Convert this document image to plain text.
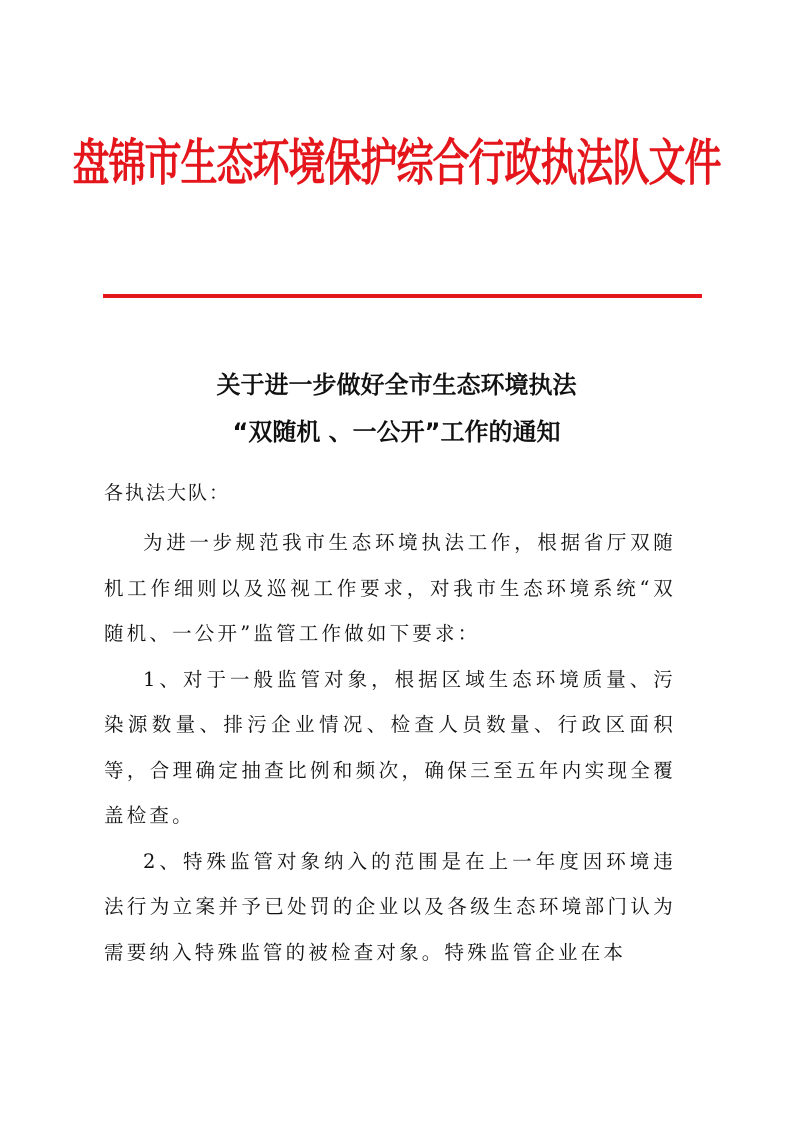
盘锦市生态环境保护综合行政执法队文件
关于进一步做好全市生态环境执法
“双随机 、一公开”工作的通知
各执法大队：

为进一步规范我市生态环境执法工作，根据省厅双随机工作细则以及巡视工作要求，对我市生态环境系统“双随机、一公开”监管工作做如下要求：

1、对于一般监管对象，根据区域生态环境质量、污染源数量、排污企业情况、检查人员数量、行政区面积等，合理确定抽查比例和频次，确保三至五年内实现全覆盖检查。

2、特殊监管对象纳入的范围是在上一年度因环境违法行为立案并予已处罚的企业以及各级生态环境部门认为需要纳入特殊监管的被检查对象。特殊监管企业在本
